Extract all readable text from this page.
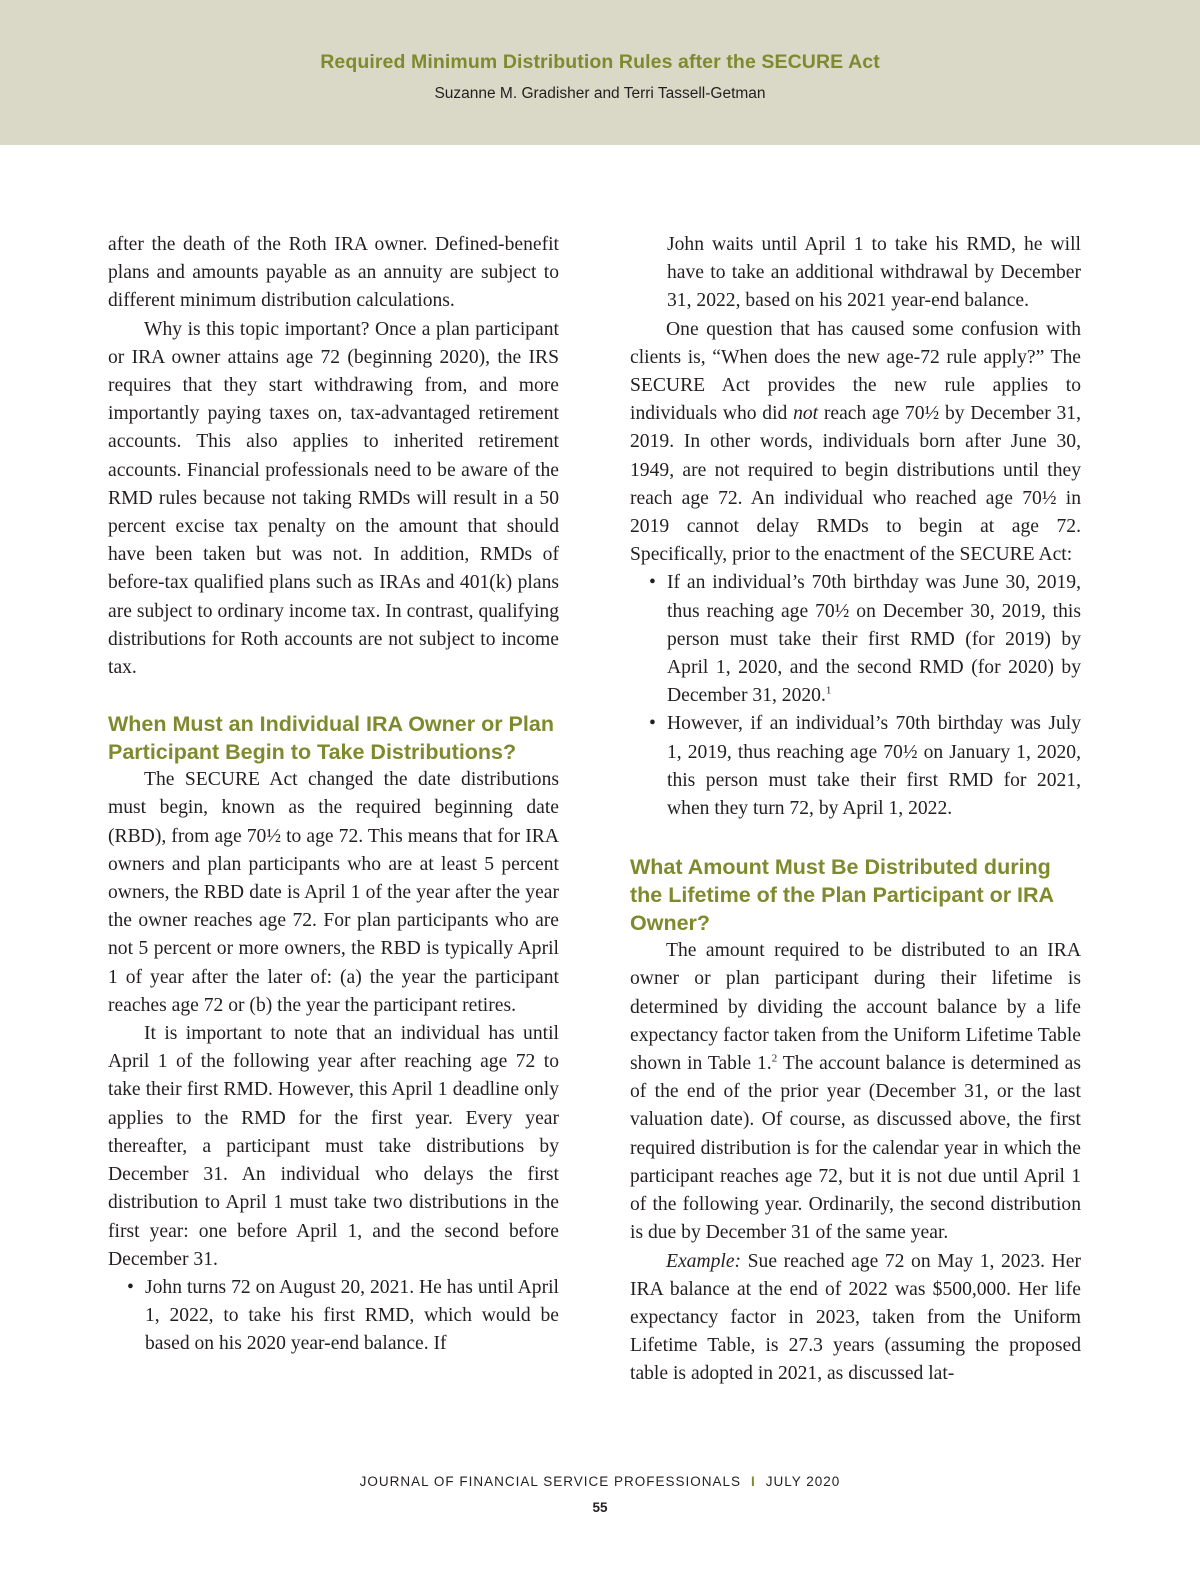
Required Minimum Distribution Rules after the SECURE Act
Suzanne M. Gradisher and Terri Tassell-Getman

after the death of the Roth IRA owner. Defined-benefit plans and amounts payable as an annuity are subject to different minimum distribution calculations.

Why is this topic important? Once a plan participant or IRA owner attains age 72 (beginning 2020), the IRS requires that they start withdrawing from, and more importantly paying taxes on, tax-advantaged retirement accounts. This also applies to inherited retirement accounts. Financial professionals need to be aware of the RMD rules because not taking RMDs will result in a 50 percent excise tax penalty on the amount that should have been taken but was not. In addition, RMDs of before-tax qualified plans such as IRAs and 401(k) plans are subject to ordinary income tax. In contrast, qualifying distributions for Roth accounts are not subject to income tax.

When Must an Individual IRA Owner or Plan Participant Begin to Take Distributions?

The SECURE Act changed the date distributions must begin, known as the required beginning date (RBD), from age 70½ to age 72. This means that for IRA owners and plan participants who are at least 5 percent owners, the RBD date is April 1 of the year after the year the owner reaches age 72. For plan participants who are not 5 percent or more owners, the RBD is typically April 1 of year after the later of: (a) the year the participant reaches age 72 or (b) the year the participant retires.

It is important to note that an individual has until April 1 of the following year after reaching age 72 to take their first RMD. However, this April 1 deadline only applies to the RMD for the first year. Every year thereafter, a participant must take distributions by December 31. An individual who delays the first distribution to April 1 must take two distributions in the first year: one before April 1, and the second before December 31.

• John turns 72 on August 20, 2021. He has until April 1, 2022, to take his first RMD, which would be based on his 2020 year-end balance. If

John waits until April 1 to take his RMD, he will have to take an additional withdrawal by December 31, 2022, based on his 2021 year-end balance.

One question that has caused some confusion with clients is, “When does the new age-72 rule apply?” The SECURE Act provides the new rule applies to individuals who did not reach age 70½ by December 31, 2019. In other words, individuals born after June 30, 1949, are not required to begin distributions until they reach age 72. An individual who reached age 70½ in 2019 cannot delay RMDs to begin at age 72. Specifically, prior to the enactment of the SECURE Act:

• If an individual’s 70th birthday was June 30, 2019, thus reaching age 70½ on December 30, 2019, this person must take their first RMD (for 2019) by April 1, 2020, and the second RMD (for 2020) by December 31, 2020.$^1$
• However, if an individual’s 70th birthday was July 1, 2019, thus reaching age 70½ on January 1, 2020, this person must take their first RMD for 2021, when they turn 72, by April 1, 2022.
What Amount Must Be Distributed during the Lifetime of the Plan Participant or IRA Owner?

The amount required to be distributed to an IRA owner or plan participant during their lifetime is determined by dividing the account balance by a life expectancy factor taken from the Uniform Lifetime Table shown in Table 1.$^2$ The account balance is determined as of the end of the prior year (December 31, or the last valuation date). Of course, as discussed above, the first required distribution is for the calendar year in which the participant reaches age 72, but it is not due until April 1 of the following year. Ordinarily, the second distribution is due by December 31 of the same year.

Example: Sue reached age 72 on May 1, 2023. Her IRA balance at the end of 2022 was $500,000. Her life expectancy factor in 2023, taken from the Uniform Lifetime Table, is 27.3 years (assuming the proposed table is adopted in 2021, as discussed lat-

JOURNAL OF FINANCIAL SERVICE PROFESSIONALS I JULY 2020
55
